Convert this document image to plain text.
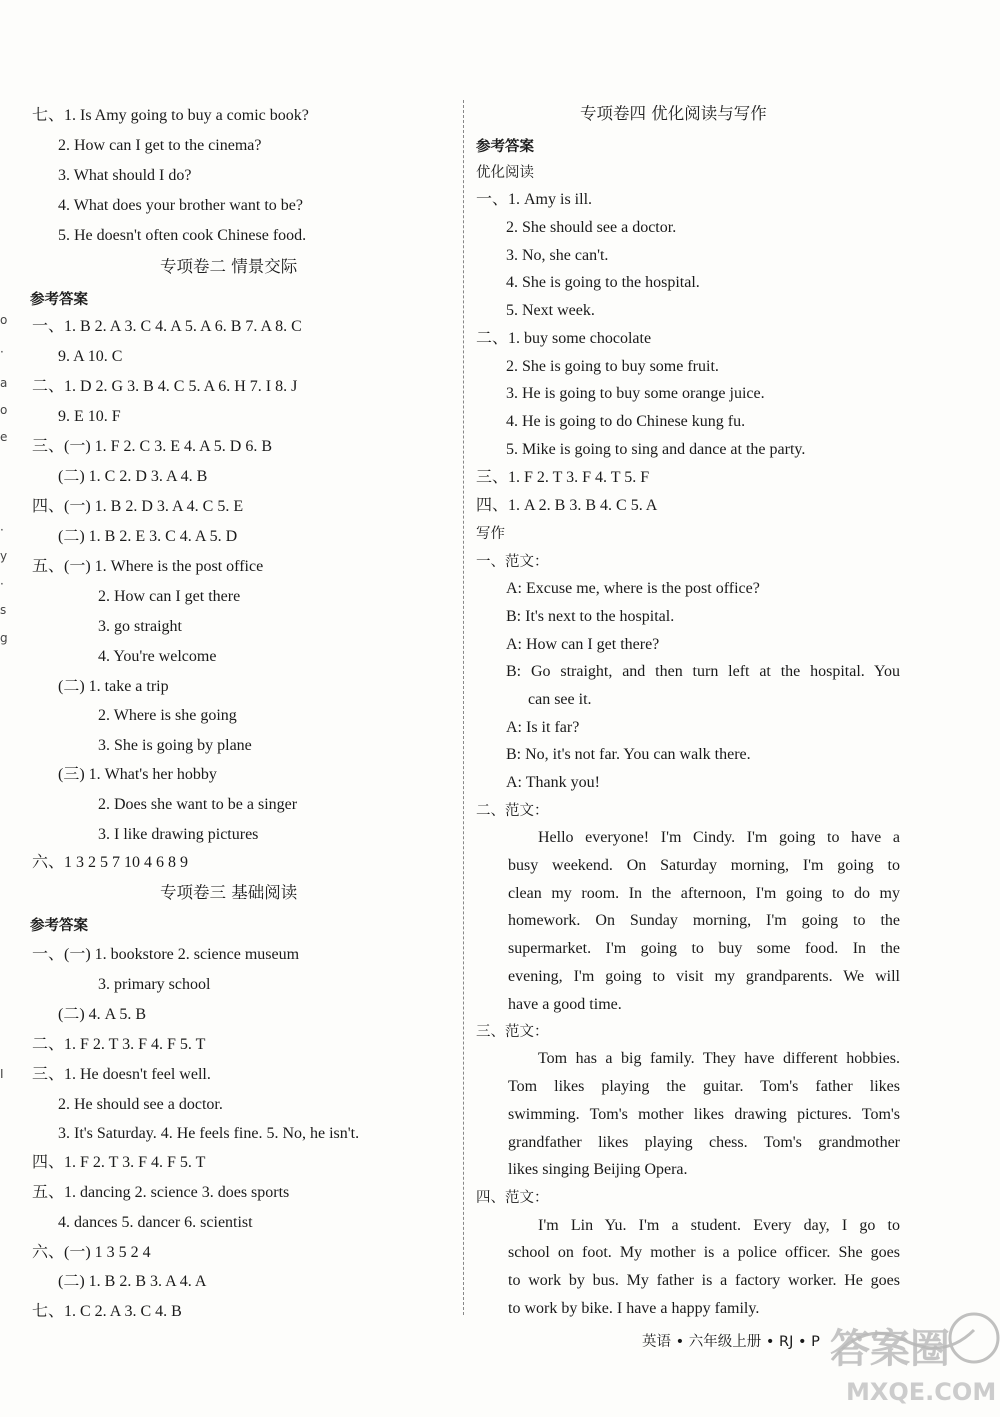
七、1. Is Amy going to buy a comic book?
2. How can I get to the cinema?
3. What should I do?
4. What does your brother want to be?
5. He doesn't often cook Chinese food.
专项卷二 情景交际
参考答案
一、1. B 2. A 3. C 4. A 5. A 6. B 7. A 8. C
9. A 10. C
二、1. D 2. G 3. B 4. C 5. A 6. H 7. I 8. J
9. E 10. F
三、(一) 1. F 2. C 3. E 4. A 5. D 6. B
(二) 1. C 2. D 3. A 4. B
四、(一) 1. B 2. D 3. A 4. C 5. E
(二) 1. B 2. E 3. C 4. A 5. D
五、(一) 1. Where is the post office
2. How can I get there
3. go straight
4. You're welcome
(二) 1. take a trip
2. Where is she going
3. She is going by plane
(三) 1. What's her hobby
2. Does she want to be a singer
3. I like drawing pictures
六、1 3 2 5 7 10 4 6 8 9
专项卷三 基础阅读
参考答案
一、(一) 1. bookstore 2. science museum
3. primary school
(二) 4. A 5. B
二、1. F 2. T 3. F 4. F 5. T
三、1. He doesn't feel well.
2. He should see a doctor.
3. It's Saturday. 4. He feels fine. 5. No, he isn't.
四、1. F 2. T 3. F 4. F 5. T
五、1. dancing 2. science 3. does sports
4. dances 5. dancer 6. scientist
六、(一) 1 3 5 2 4
(二) 1. B 2. B 3. A 4. A
七、1. C 2. A 3. C 4. B
专项卷四 优化阅读与写作
参考答案
优化阅读
一、1. Amy is ill.
2. She should see a doctor.
3. No, she can't.
4. She is going to the hospital.
5. Next week.
二、1. buy some chocolate
2. She is going to buy some fruit.
3. He is going to buy some orange juice.
4. He is going to do Chinese kung fu.
5. Mike is going to sing and dance at the party.
三、1. F 2. T 3. F 4. T 5. F
四、1. A 2. B 3. B 4. C 5. A
写作
一、范文：
A: Excuse me, where is the post office?
B: It's next to the hospital.
A: How can I get there?
B: Go straight, and then turn left at the hospital. You
can see it.
A: Is it far?
B: No, it's not far. You can walk there.
A: Thank you!
二、范文：
Hello everyone! I'm Cindy. I'm going to have a
busy weekend. On Saturday morning, I'm going to
clean my room. In the afternoon, I'm going to do my
homework. On Sunday morning, I'm going to the
supermarket. I'm going to buy some food. In the
evening, I'm going to visit my grandparents. We will
have a good time.
三、范文：
Tom has a big family. They have different hobbies.
Tom likes playing the guitar. Tom's father likes
swimming. Tom's mother likes drawing pictures. Tom's
grandfather likes playing chess. Tom's grandmother
likes singing Beijing Opera.
四、范文：
I'm Lin Yu. I'm a student. Every day, I go to
school on foot. My mother is a police officer. She goes
to work by bus. My father is a factory worker. He goes
to work by bike. I have a happy family.
o
·
a
o
e
·
y
·
s
g
I
英语 • 六年级上册 • RJ • P 答案圈
MXQE.COM
